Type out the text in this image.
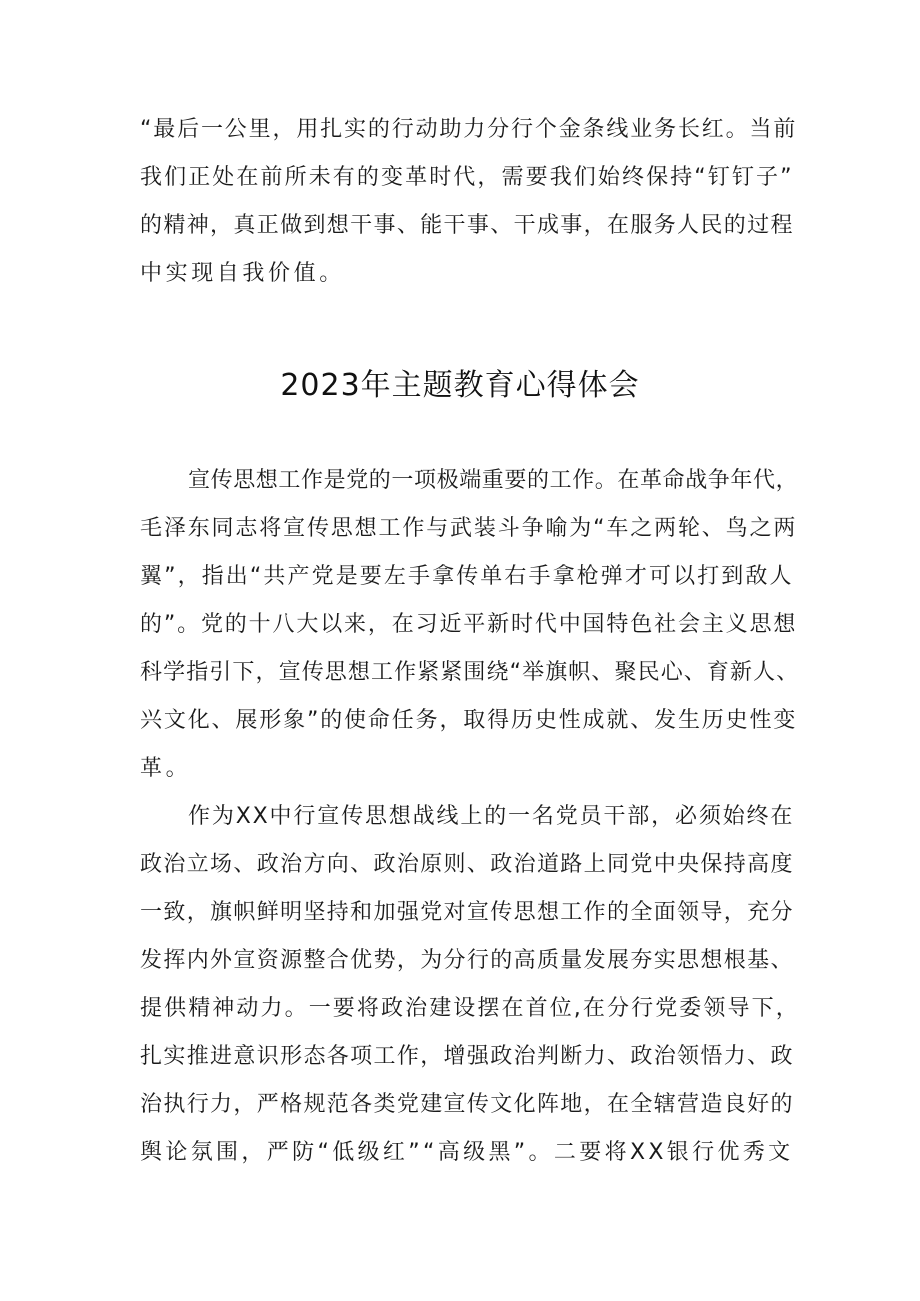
“最后一公里，用扎实的行动助力分行个金条线业务长红。当前
我们正处在前所未有的变革时代，需要我们始终保持“钉钉子”
的精神，真正做到想干事、能干事、干成事，在服务人民的过程
中实现自我价值。
2023年主题教育心得体会
宣传思想工作是党的一项极端重要的工作。在革命战争年代，
毛泽东同志将宣传思想工作与武装斗争喻为“车之两轮、鸟之两
翼”，指出“共产党是要左手拿传单右手拿枪弹才可以打到敌人
的”。党的十八大以来，在习近平新时代中国特色社会主义思想
科学指引下，宣传思想工作紧紧围绕“举旗帜、聚民心、育新人、
兴文化、展形象”的使命任务，取得历史性成就、发生历史性变
革。
作为XX中行宣传思想战线上的一名党员干部，必须始终在
政治立场、政治方向、政治原则、政治道路上同党中央保持高度
一致，旗帜鲜明坚持和加强党对宣传思想工作的全面领导，充分
发挥内外宣资源整合优势，为分行的高质量发展夯实思想根基、
提供精神动力。一要将政治建设摆在首位,在分行党委领导下，
扎实推进意识形态各项工作，增强政治判断力、政治领悟力、政
治执行力，严格规范各类党建宣传文化阵地，在全辖营造良好的
舆论氛围，严防“低级红”“高级黑”。二要将XX银行优秀文
